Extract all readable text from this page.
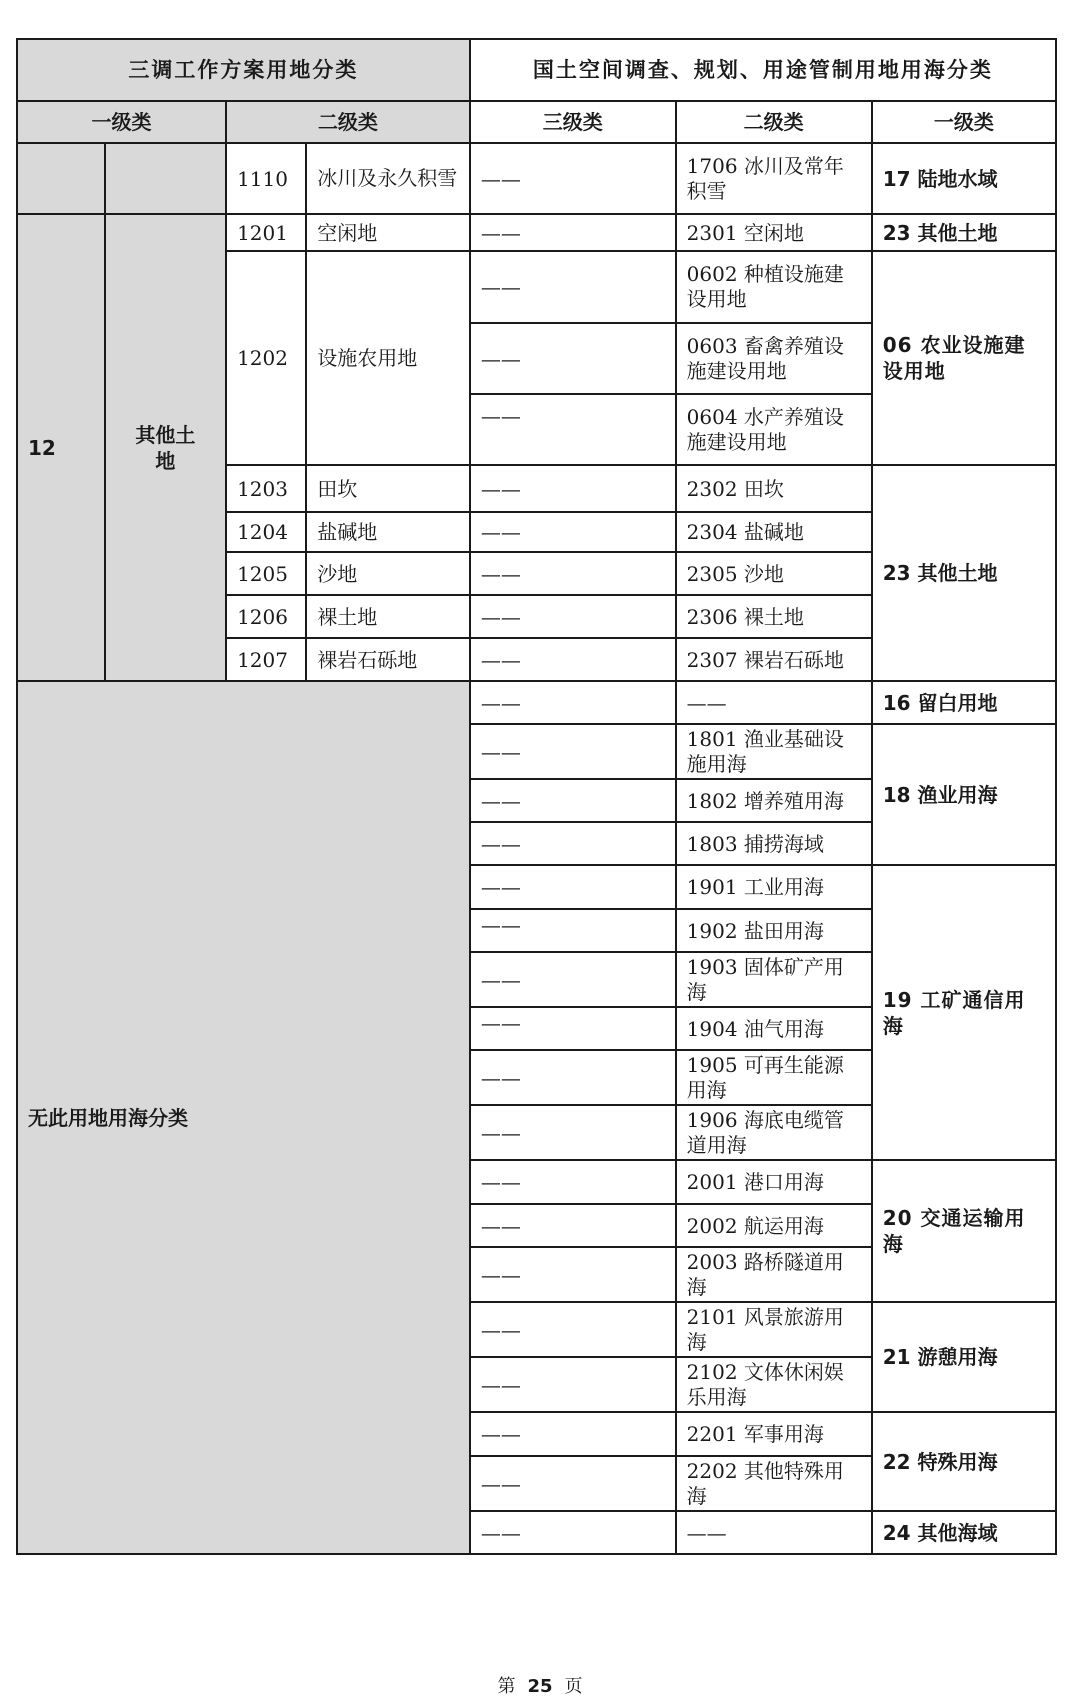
三调工作方案用地分类				国土空间调查、规划、用途管制用地用海分类		
一级类		二级类		三级类	二级类	一级类
		1110	冰川及永久积雪	——	1706 冰川及常年积雪	17 陆地水域
12	其他土地	1201	空闲地	——	2301 空闲地	23 其他土地
		1202	设施农用地	——	0602 种植设施建设用地	06 农业设施建设用地
				——	0603 畜禽养殖设施建设用地	
				——	0604 水产养殖设施建设用地	
		1203	田坎	——	2302 田坎	23 其他土地
		1204	盐碱地	——	2304 盐碱地	
		1205	沙地	——	2305 沙地	
		1206	裸土地	——	2306 裸土地	
		1207	裸岩石砾地	——	2307 裸岩石砾地	
无此用地用海分类				——	——	16 留白用地
				——	1801 渔业基础设施用海	18 渔业用海
				——	1802 增养殖用海	
				——	1803 捕捞海域	
				——	1901 工业用海	19 工矿通信用海
				——	1902 盐田用海	
				——	1903 固体矿产用海	
				——	1904 油气用海	
				——	1905 可再生能源用海	
				——	1906 海底电缆管道用海	
				——	2001 港口用海	20 交通运输用海
				——	2002 航运用海	
				——	2003 路桥隧道用海	
				——	2101 风景旅游用海	21 游憩用海
				——	2102 文体休闲娱乐用海	
				——	2201 军事用海	22 特殊用海
				——	2202 其他特殊用海	
				——	——	24 其他海域
第 25 页
